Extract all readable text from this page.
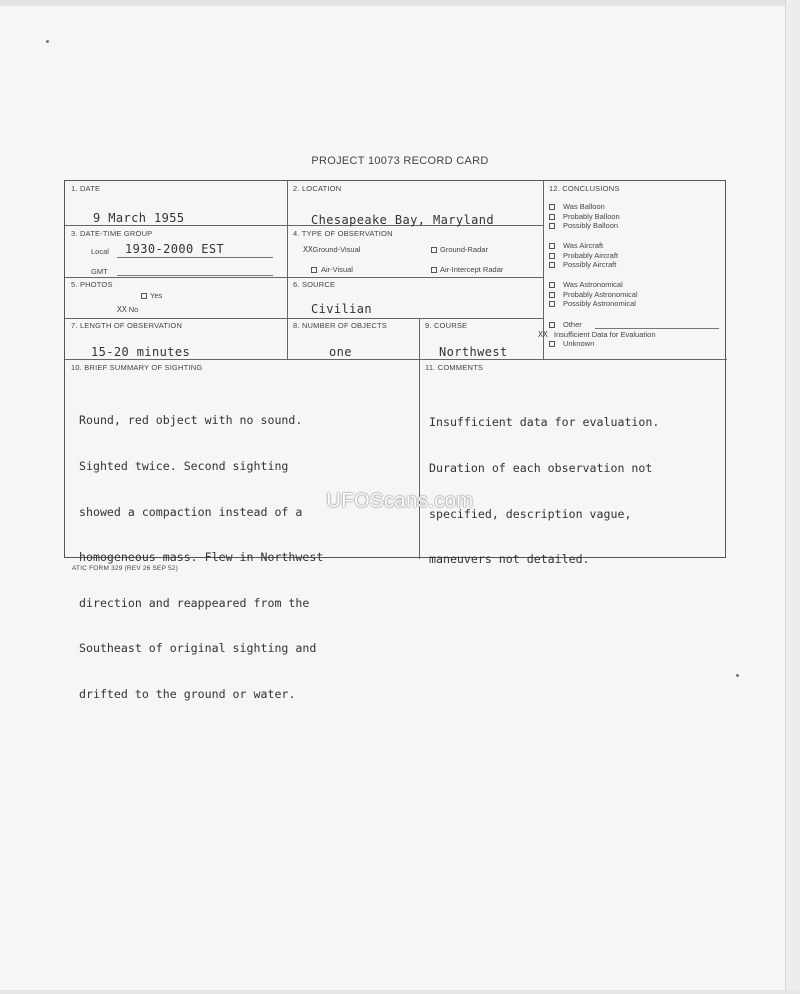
PROJECT 10073 RECORD CARD
1. DATE
9 March 1955
2. LOCATION
Chesapeake Bay, Maryland
3. DATE-TIME GROUP
Local 1930-2000 EST
GMT
4. TYPE OF OBSERVATION
XXGround-Visual	Ground-Radar
Air-Visual	Air-Intercept Radar
5. PHOTOS
Yes
XX No
6. SOURCE
Civilian
7. LENGTH OF OBSERVATION
15-20 minutes
8. NUMBER OF OBJECTS
one
9. COURSE
Northwest
10. BRIEF SUMMARY OF SIGHTING

Round, red object with no sound.

Sighted twice. Second sighting

showed a compaction instead of a

homogeneous mass. Flew in Northwest

direction and reappeared from the

Southeast of original sighting and

drifted to the ground or water.

11. COMMENTS

Insufficient data for evaluation.

Duration of each observation not

specified, description vague,

maneuvers not detailed.

12. CONCLUSIONS
Was Balloon
Probably Balloon
Possibly Balloon
Was Aircraft
Probably Aircraft
Possibly Aircraft
Was Astronomical
Probably Astronomical
Possibly Astronomical
Other
XX Insufficient Data for Evaluation
Unknown
ATIC FORM 329 (REV 26 SEP 52)
UFOScans.com
